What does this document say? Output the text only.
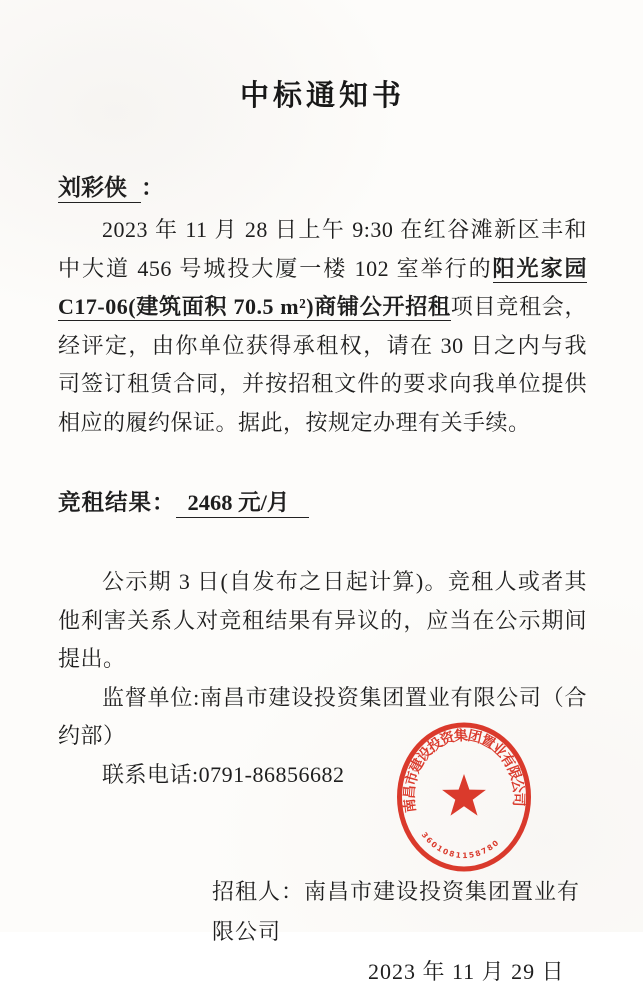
中标通知书

刘彩侠 ：

2023 年 11 月 28 日上午 9:30 在红谷滩新区丰和中大道 456 号城投大厦一楼 102 室举行的阳光家园 C17-06(建筑面积 70.5 m²)商铺公开招租项目竞租会，经评定，由你单位获得承租权，请在 30 日之内与我司签订租赁合同，并按招租文件的要求向我单位提供相应的履约保证。据此，按规定办理有关手续。

竞租结果： 2468 元/月

公示期 3 日(自发布之日起计算)。竞租人或者其他利害关系人对竞租结果有异议的，应当在公示期间提出。

监督单位:南昌市建设投资集团置业有限公司（合约部）

联系电话:0791-86856682

招租人：南昌市建设投资集团置业有限公司

2023 年 11 月 29 日

南昌市建设投资集团置业有限公司
3601081158780
